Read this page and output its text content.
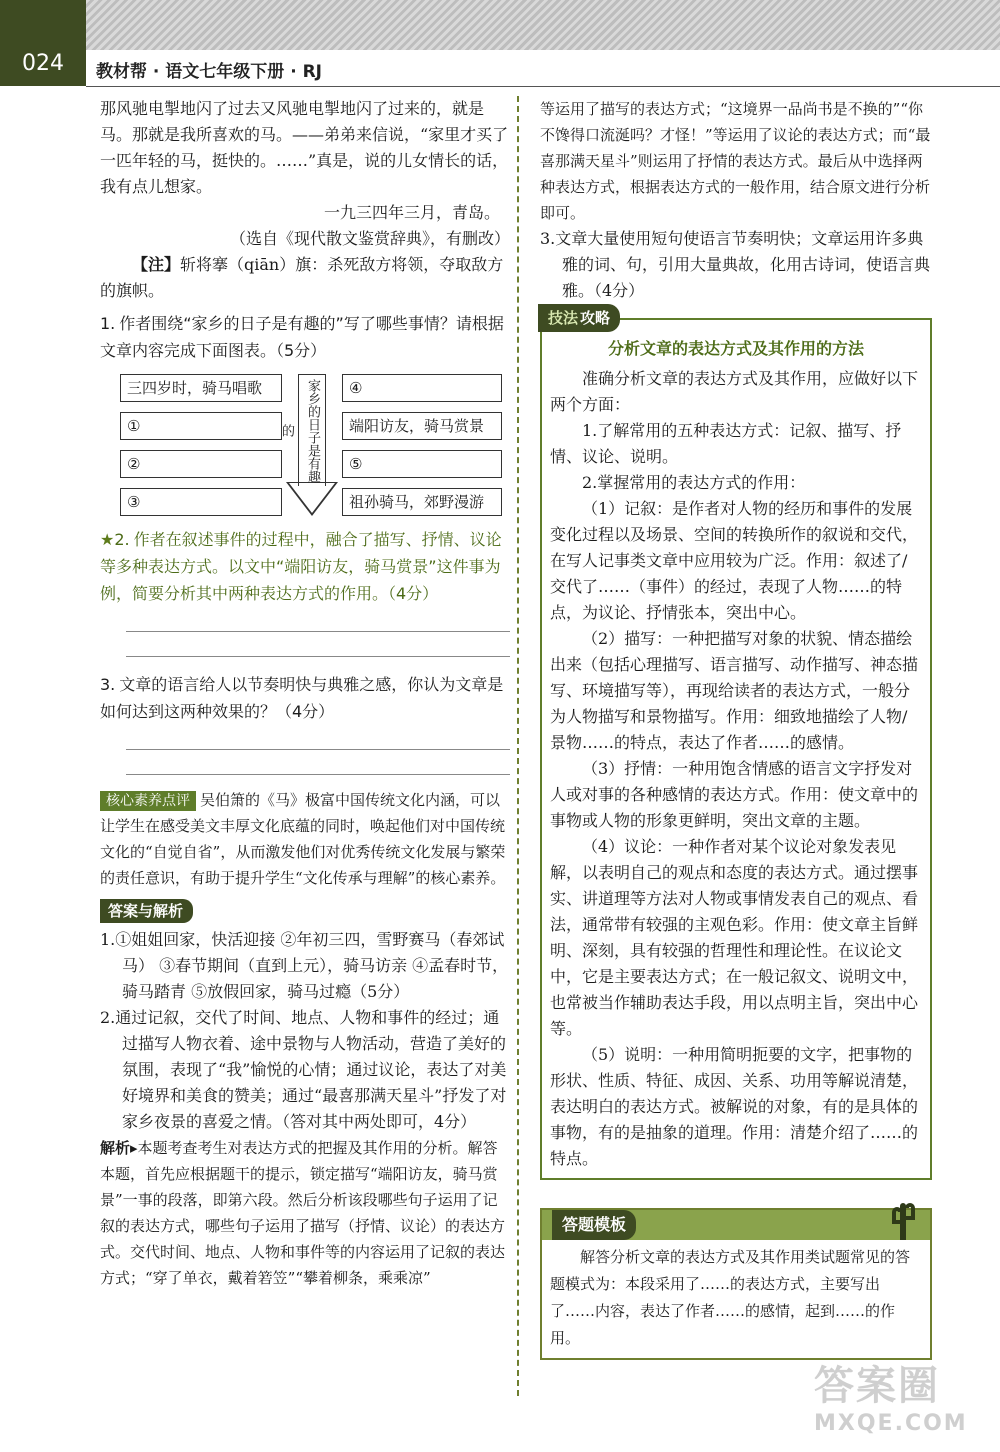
024	教材帮 · 语文七年级下册 · RJ

那风驰电掣地闪了过去又风驰电掣地闪了过来的，就是马。那就是我所喜欢的马。——弟弟来信说，“家里才买了一匹年轻的马，挺快的。……”真是，说的儿女情长的话，我有点儿想家。

一九三四年三月，青岛。

（选自《现代散文鉴赏辞典》，有删改）

【注】斩将搴（qiān）旗：杀死敌方将领，夺取敌方的旗帜。

1. 作者围绕“家乡的日子是有趣的”写了哪些事情？请根据文章内容完成下面图表。（5分）
三四岁时，骑马唱歌
①
②
③
家乡的日子是有趣的
④
端阳访友，骑马赏景
⑤
祖孙骑马，郊野漫游
★2. 作者在叙述事件的过程中，融合了描写、抒情、议论等多种表达方式。以文中“端阳访友，骑马赏景”这件事为例，简要分析其中两种表达方式的作用。（4分）
3. 文章的语言给人以节奏明快与典雅之感，你认为文章是如何达到这两种效果的？（4分）

核心素养点评 吴伯箫的《马》极富中国传统文化内涵，可以让学生在感受美文丰厚文化底蕴的同时，唤起他们对中国传统文化的“自觉自省”，从而激发他们对优秀传统文化发展与繁荣的责任意识，有助于提升学生“文化传承与理解”的核心素养。

答案与解析

1.①姐姐回家，快活迎接 ②年初三四，雪野赛马（春郊试马） ③春节期间（直到上元），骑马访亲 ④孟春时节，骑马踏青 ⑤放假回家，骑马过瘾（5分）

2.通过记叙，交代了时间、地点、人物和事件的经过；通过描写人物衣着、途中景物与人物活动，营造了美好的氛围，表现了“我”愉悦的心情；通过议论，表达了对美好境界和美食的赞美；通过“最喜那满天星斗”抒发了对家乡夜景的喜爱之情。（答对其中两处即可，4分）

解析▸本题考查考生对表达方式的把握及其作用的分析。解答本题，首先应根据题干的提示，锁定描写“端阳访友，骑马赏景”一事的段落，即第六段。然后分析该段哪些句子运用了记叙的表达方式，哪些句子运用了描写（抒情、议论）的表达方式。交代时间、地点、人物和事件等的内容运用了记叙的表达方式；“穿了单衣，戴着箬笠”“攀着柳条，乘乘凉”

等运用了描写的表达方式；“这境界一品尚书是不换的”“你不馋得口流涎吗？才怪！”等运用了议论的表达方式；而“最喜那满天星斗”则运用了抒情的表达方式。最后从中选择两种表达方式，根据表达方式的一般作用，结合原文进行分析即可。

3.文章大量使用短句使语言节奏明快；文章运用许多典雅的词、句，引用大量典故，化用古诗词，使语言典雅。（4分）

技法 攻略
分析文章的表达方式及其作用的方法

准确分析文章的表达方式及其作用，应做好以下两个方面：

1.了解常用的五种表达方式：记叙、描写、抒情、议论、说明。

2.掌握常用的表达方式的作用：

（1）记叙：是作者对人物的经历和事件的发展变化过程以及场景、空间的转换所作的叙说和交代，在写人记事类文章中应用较为广泛。作用：叙述了/交代了……（事件）的经过，表现了人物……的特点，为议论、抒情张本，突出中心。

（2）描写：一种把描写对象的状貌、情态描绘出来（包括心理描写、语言描写、动作描写、神态描写、环境描写等），再现给读者的表达方式，一般分为人物描写和景物描写。作用：细致地描绘了人物/景物……的特点，表达了作者……的感情。

（3）抒情：一种用饱含情感的语言文字抒发对人或对事的各种感情的表达方式。作用：使文章中的事物或人物的形象更鲜明，突出文章的主题。

（4）议论：一种作者对某个议论对象发表见解，以表明自己的观点和态度的表达方式。通过摆事实、讲道理等方法对人物或事情发表自己的观点、看法，通常带有较强的主观色彩。作用：使文章主旨鲜明、深刻，具有较强的哲理性和理论性。在议论文中，它是主要表达方式；在一般记叙文、说明文中，也常被当作辅助表达手段，用以点明主旨，突出中心等。

（5）说明：一种用简明扼要的文字，把事物的形状、性质、特征、成因、关系、功用等解说清楚，表达明白的表达方式。被解说的对象，有的是具体的事物，有的是抽象的道理。作用：清楚介绍了……的特点。

答题模板

解答分析文章的表达方式及其作用类试题常见的答题模式为：本段采用了……的表达方式，主要写出了……内容，表达了作者……的感情，起到……的作用。

答案圈
MXQE.COM
